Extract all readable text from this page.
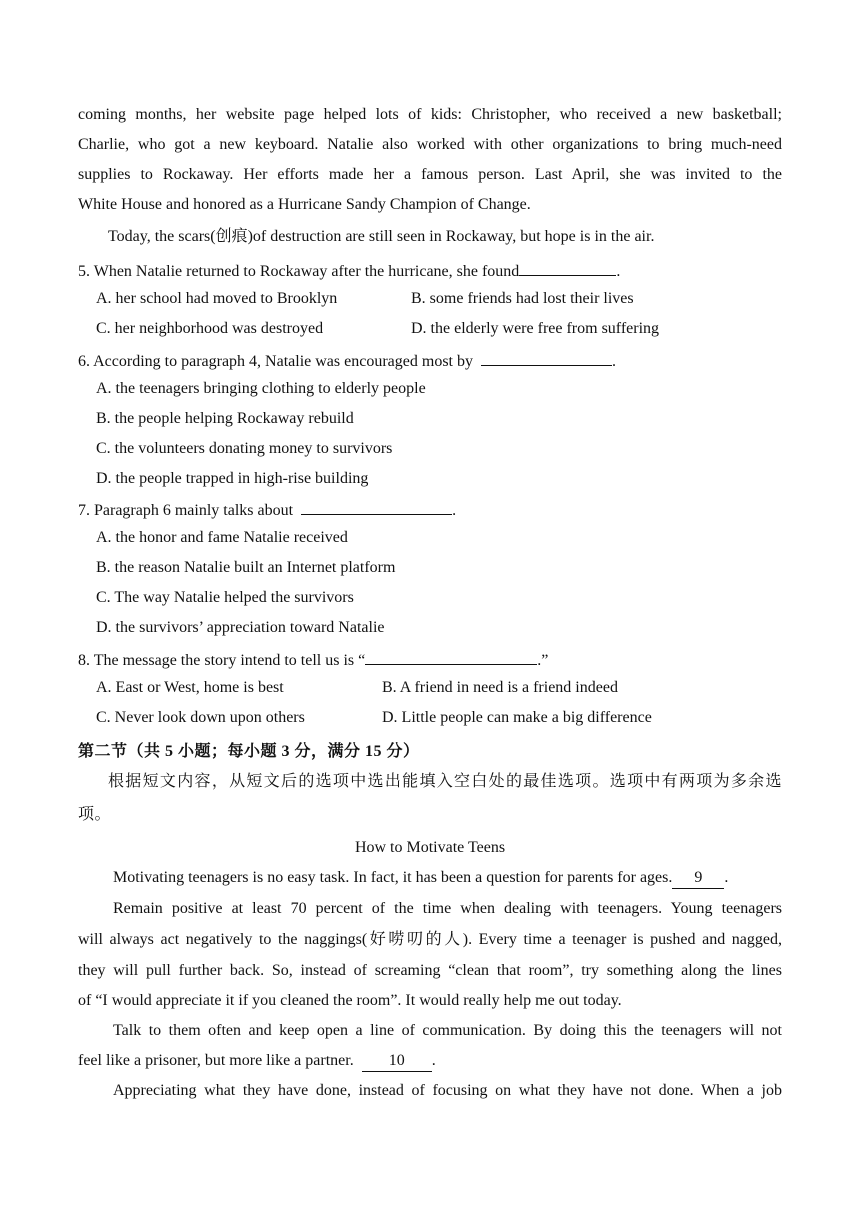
coming months, her website page helped lots of kids: Christopher, who received a new basketball;
Charlie, who got a new keyboard. Natalie also worked with other organizations to bring much-need
supplies to Rockaway. Her efforts made her a famous person. Last April, she was invited to the
White House and honored as a Hurricane Sandy Champion of Change.
Today, the scars(创痕)of destruction are still seen in Rockaway, but hope is in the air.
5. When Natalie returned to Rockaway after the hurricane, she found	.
A. her school had moved to Brooklyn	B. some friends had lost their lives
C. her neighborhood was destroyed	D. the elderly were free from suffering
6. According to paragraph 4, Natalie was encouraged most by	.
A. the teenagers bringing clothing to elderly people
B. the people helping Rockaway rebuild
C. the volunteers donating money to survivors
D. the people trapped in high-rise building
7. Paragraph 6 mainly talks about	.
A. the honor and fame Natalie received
B. the reason Natalie built an Internet platform
C. The way Natalie helped the survivors
D. the survivors’ appreciation toward Natalie
8. The message the story intend to tell us is “	.”
A. East or West, home is best	B. A friend in need is a friend indeed
C. Never look down upon others	D. Little people can make a big difference
第二节（共 5 小题；每小题 3 分，满分 15 分）
根据短文内容，从短文后的选项中选出能填入空白处的最佳选项。选项中有两项为多余选
项。
How to Motivate Teens
Motivating teenagers is no easy task. In fact, it has been a question for parents for ages. 9 .
Remain positive at least 70 percent of the time when dealing with teenagers. Young teenagers
will always act negatively to the naggings(好唠叨的人). Every time a teenager is pushed and nagged,
they will pull further back. So, instead of screaming “clean that room”, try something along the lines
of “I would appreciate it if you cleaned the room”. It would really help me out today.
Talk to them often and keep open a line of communication. By doing this the teenagers will not
feel like a prisoner, but more like a partner. 10 .
Appreciating what they have done, instead of focusing on what they have not done. When a job
